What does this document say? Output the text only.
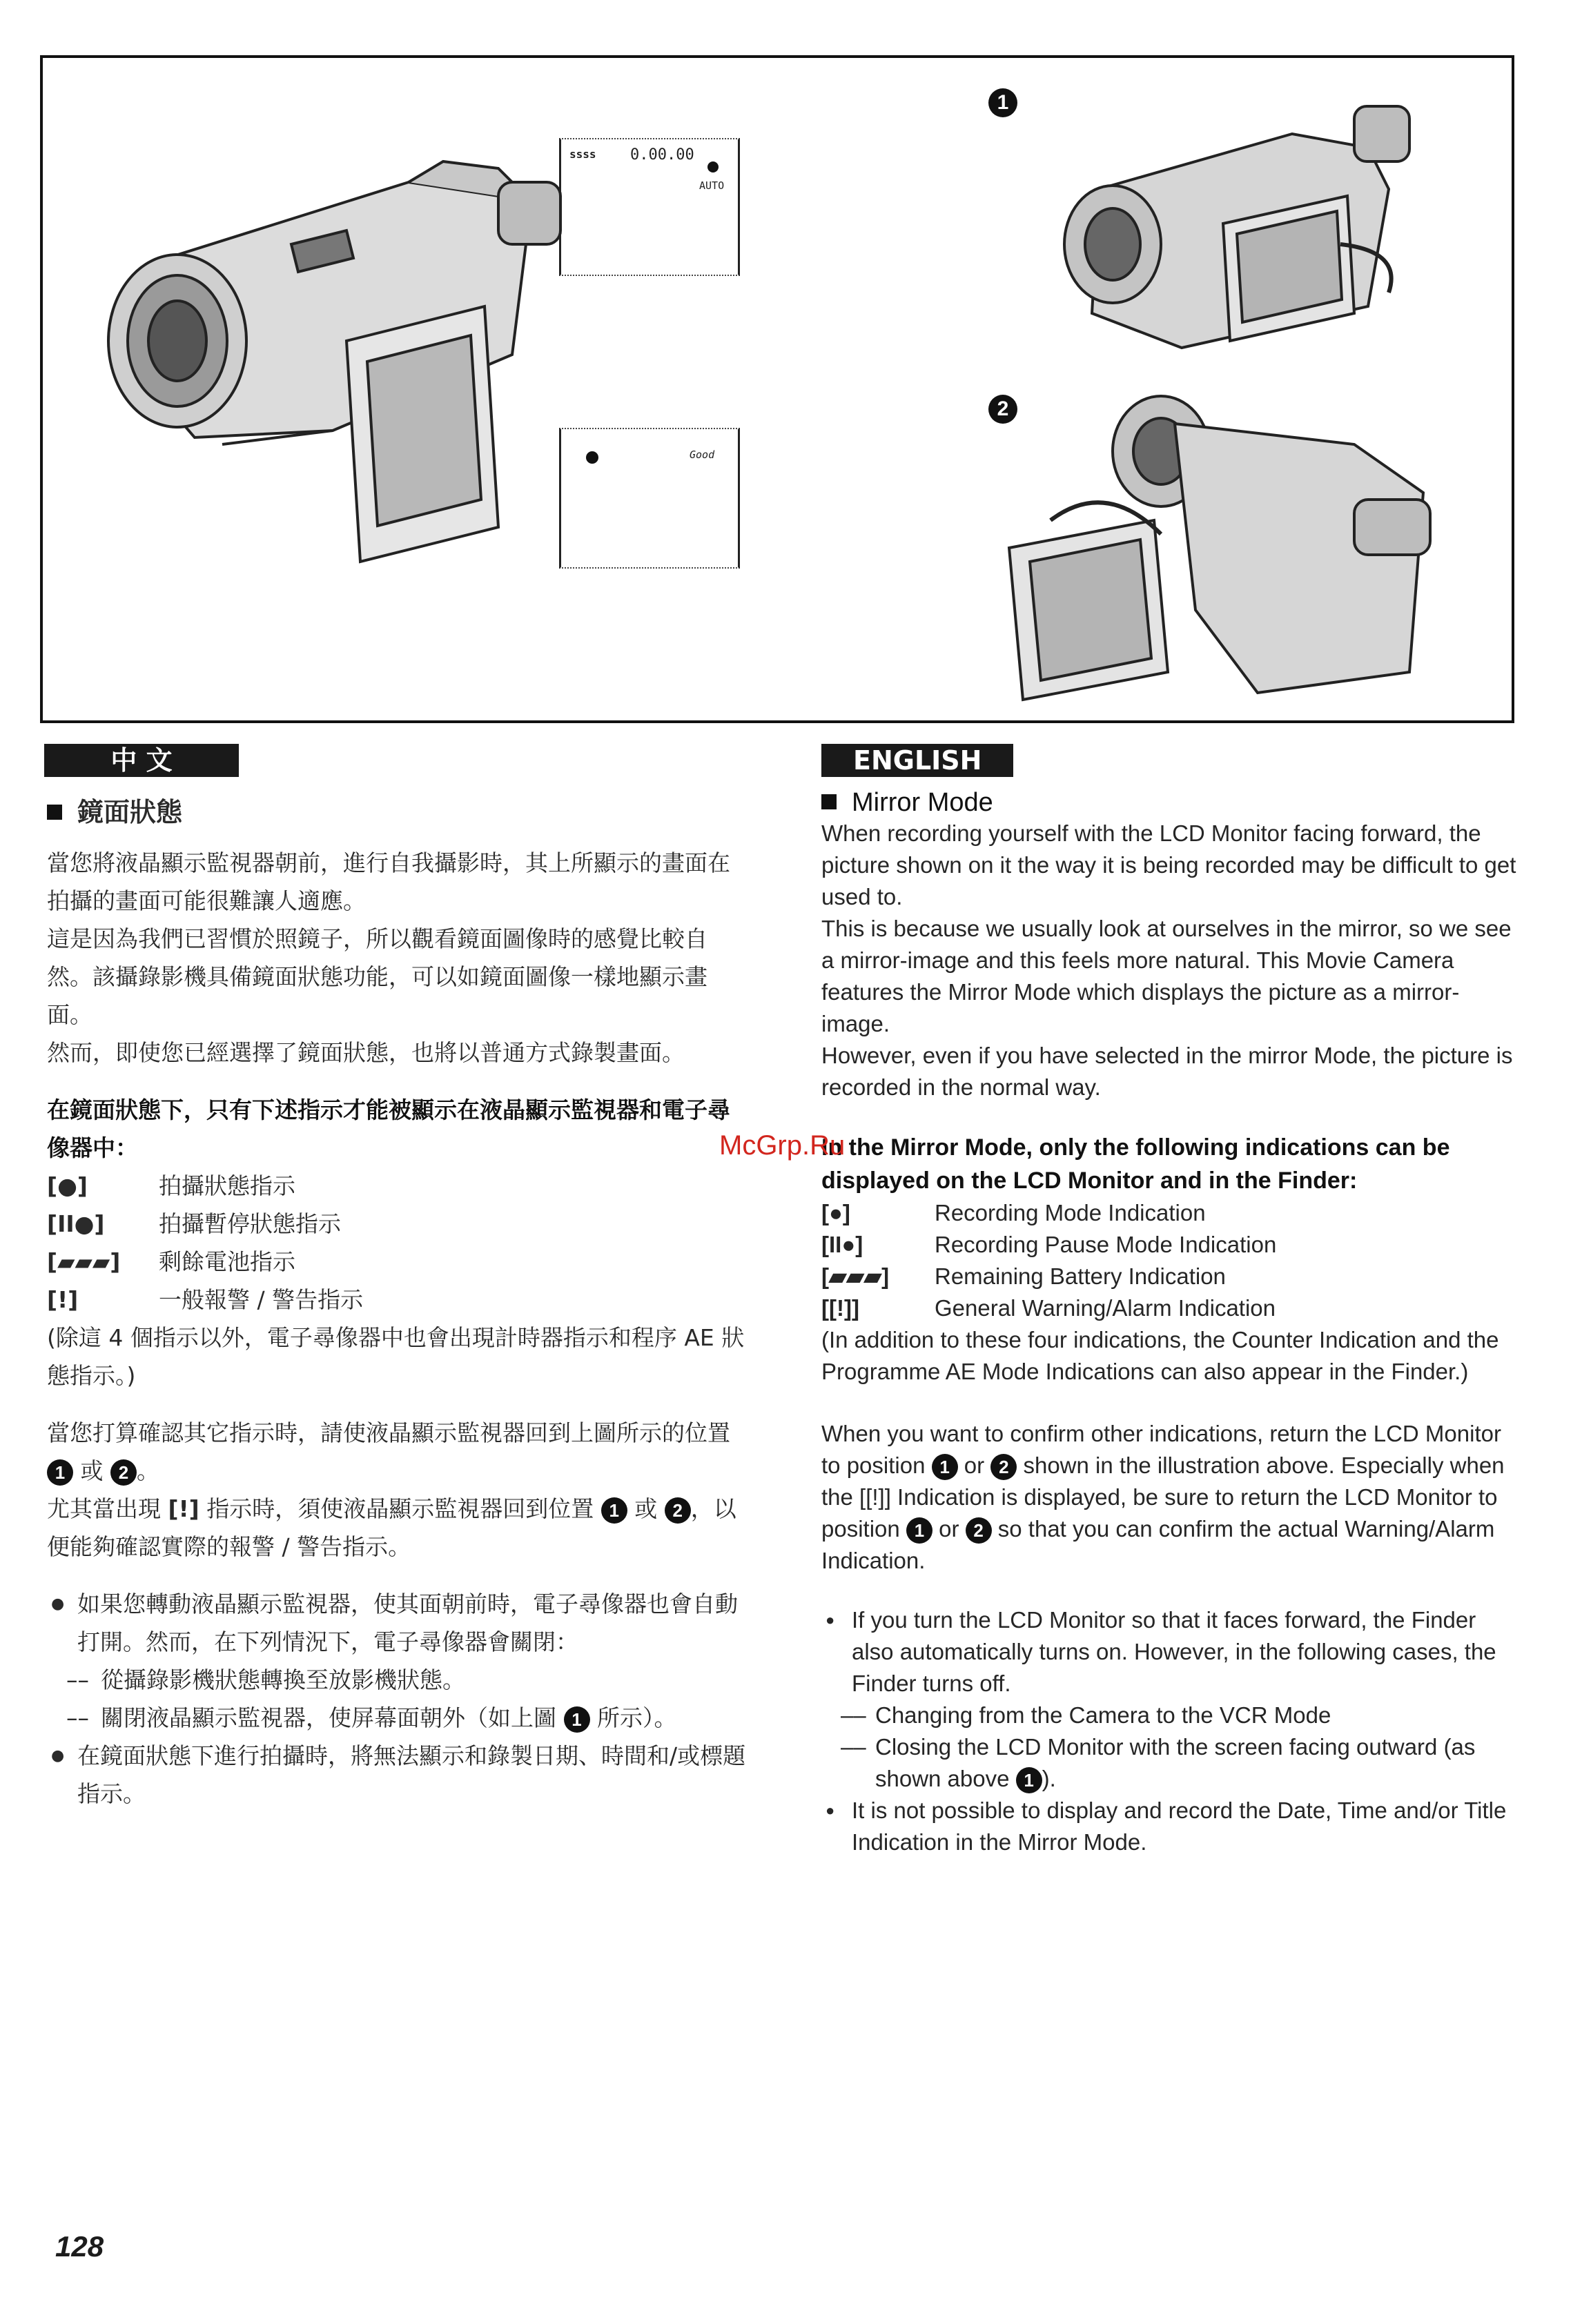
ssss 0.00.00
AUTO
Good
1
2
中 文
鏡面狀態

當您將液晶顯示監視器朝前，進行自我攝影時，其上所顯示的畫面在拍攝的畫面可能很難讓人適應。

這是因為我們已習慣於照鏡子，所以觀看鏡面圖像時的感覺比較自然。該攝錄影機具備鏡面狀態功能，可以如鏡面圖像一樣地顯示畫面。

然而，即使您已經選擇了鏡面狀態，也將以普通方式錄製畫面。

在鏡面狀態下，只有下述指示才能被顯示在液晶顯示監視器和電子尋像器中：

[●]	拍攝狀態指示

[II●]	拍攝暫停狀態指示

[▰▰▰]	剩餘電池指示

[!]	一般報警 / 警告指示

(除這 4 個指示以外，電子尋像器中也會出現計時器指示和程序 AE 狀態指示。)

當您打算確認其它指示時，請使液晶顯示監視器回到上圖所示的位置 1 或 2 。

尤其當出現 [!] 指示時，須使液晶顯示監視器回到位置 1 或 2 ，以便能夠確認實際的報警 / 警告指示。

● 如果您轉動液晶顯示監視器，使其面朝前時，電子尋像器也會自動打開。然而，在下列情況下，電子尋像器會關閉：

–– 從攝錄影機狀態轉換至放影機狀態。

–– 關閉液晶顯示監視器，使屏幕面朝外（如上圖 1 所示）。

● 在鏡面狀態下進行拍攝時，將無法顯示和錄製日期、時間和/或標題指示。

ENGLISH
Mirror Mode

When recording yourself with the LCD Monitor facing forward, the picture shown on it the way it is being recorded may be difficult to get used to.

This is because we usually look at ourselves in the mirror, so we see a mirror-image and this feels more natural. This Movie Camera features the Mirror Mode which displays the picture as a mirror-image.

However, even if you have selected in the mirror Mode, the picture is recorded in the normal way.

In the Mirror Mode, only the following indications can be displayed on the LCD Monitor and in the Finder:

[●]	Recording Mode Indication

[II●]	Recording Pause Mode Indication

[▰▰▰]	Remaining Battery Indication

[[!]]	General Warning/Alarm Indication

(In addition to these four indications, the Counter Indication and the Programme AE Mode Indications can also appear in the Finder.)

When you want to confirm other indications, return the LCD Monitor to position 1 or 2 shown in the illustration above. Especially when the [[!]] Indication is displayed, be sure to return the LCD Monitor to position 1 or 2 so that you can confirm the actual Warning/Alarm Indication.

● If you turn the LCD Monitor so that it faces forward, the Finder also automatically turns on. However, in the following cases, the Finder turns off.

–– Changing from the Camera to the VCR Mode

–– Closing the LCD Monitor with the screen facing outward (as shown above 1 ).

● It is not possible to display and record the Date, Time and/or Title Indication in the Mirror Mode.

McGrp.Ru
128
